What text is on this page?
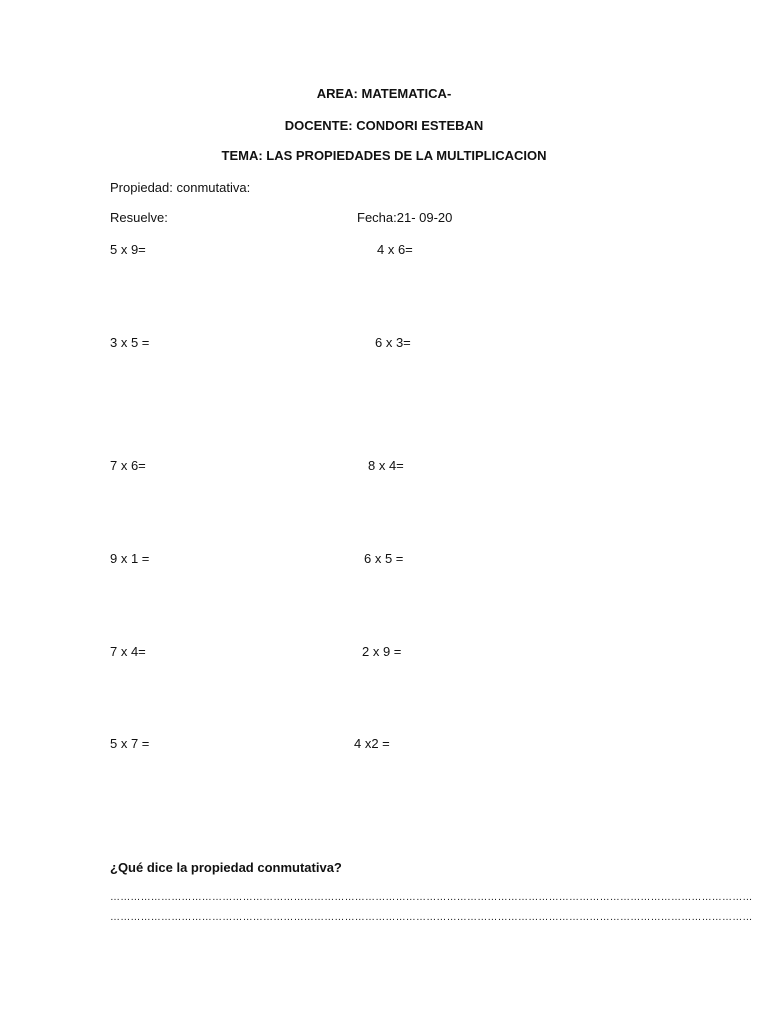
AREA: MATEMATICA-
DOCENTE: CONDORI ESTEBAN
TEMA: LAS PROPIEDADES DE LA MULTIPLICACION
Propiedad: conmutativa:
Resuelve:	Fecha:21- 09-20
5 x 9=
3 x 5 =
7 x 6=
9 x 1 =
7 x 4=
5 x 7 =
4 x 6=
6 x 3=
8 x 4=
6 x 5 =
2 x 9 =
4 x2 =
¿Qué dice la propiedad conmutativa?
………………………………………………………………………………………………………………………………………………………………………
………………………………………………………………………………………………………………………………………………………………………
